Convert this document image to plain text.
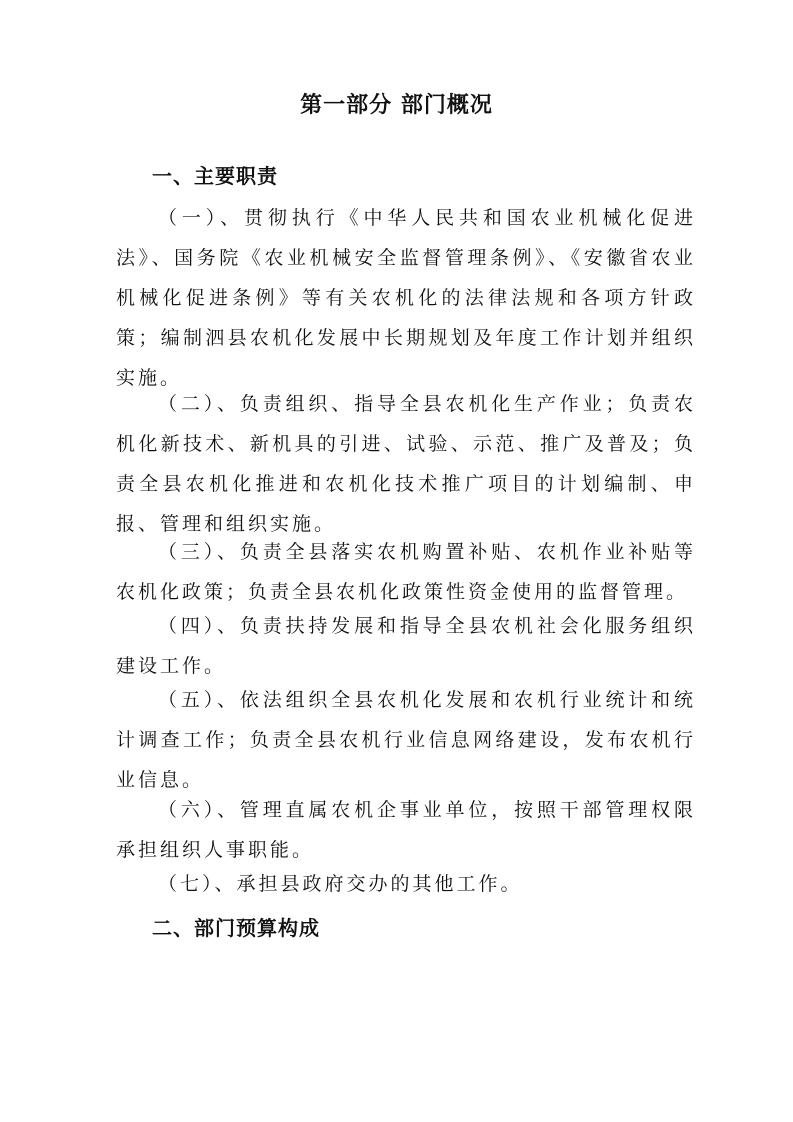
第一部分 部门概况
一、主要职责
（一）、贯彻执行《中华人民共和国农业机械化促进法》、国务院《农业机械安全监督管理条例》、《安徽省农业机械化促进条例》等有关农机化的法律法规和各项方针政策；编制泗县农机化发展中长期规划及年度工作计划并组织实施。
（二）、负责组织、指导全县农机化生产作业；负责农机化新技术、新机具的引进、试验、示范、推广及普及；负责全县农机化推进和农机化技术推广项目的计划编制、申报、管理和组织实施。
（三）、负责全县落实农机购置补贴、农机作业补贴等农机化政策；负责全县农机化政策性资金使用的监督管理。
（四）、负责扶持发展和指导全县农机社会化服务组织建设工作。
（五）、依法组织全县农机化发展和农机行业统计和统计调查工作；负责全县农机行业信息网络建设，发布农机行业信息。
（六）、管理直属农机企事业单位，按照干部管理权限承担组织人事职能。
（七）、承担县政府交办的其他工作。
二、部门预算构成
